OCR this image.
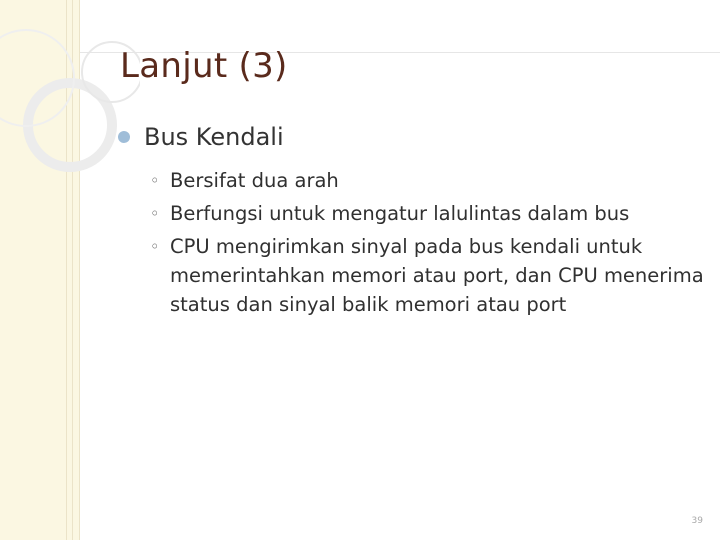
Lanjut (3)
Bus Kendali
◦ Bersifat dua arah
◦ Berfungsi untuk mengatur lalulintas dalam bus
◦ CPU mengirimkan sinyal pada bus kendali untuk memerintahkan memori atau port, dan CPU menerima status dan sinyal balik memori atau port
39
